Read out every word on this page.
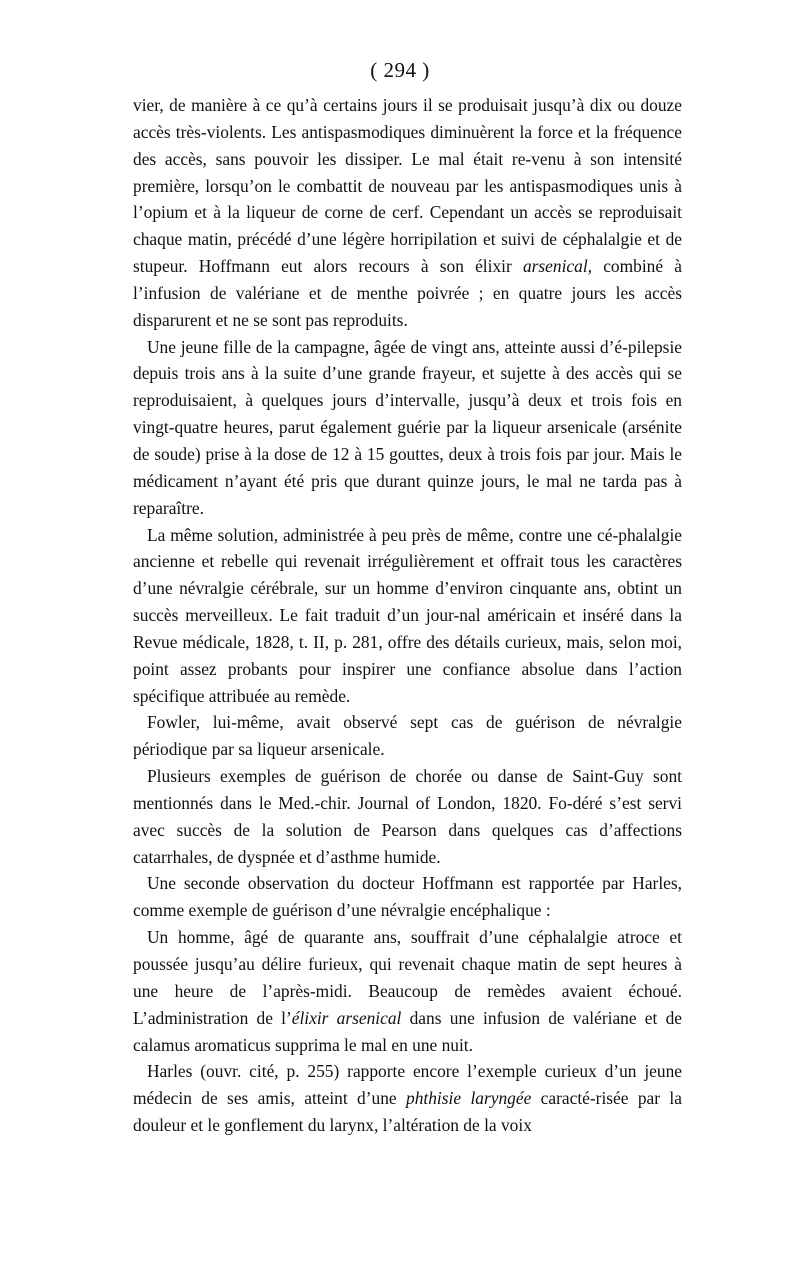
( 294 )

vier, de manière à ce qu’à certains jours il se produisait jusqu’à dix ou douze accès très-violents. Les antispasmodiques diminuèrent la force et la fréquence des accès, sans pouvoir les dissiper. Le mal était re-venu à son intensité première, lorsqu’on le combattit de nouveau par les antispasmodiques unis à l’opium et à la liqueur de corne de cerf. Cependant un accès se reproduisait chaque matin, précédé d’une légère horripilation et suivi de céphalalgie et de stupeur. Hoffmann eut alors recours à son élixir arsenical, combiné à l’infusion de valériane et de menthe poivrée ; en quatre jours les accès disparurent et ne se sont pas reproduits.

Une jeune fille de la campagne, âgée de vingt ans, atteinte aussi d’é-pilepsie depuis trois ans à la suite d’une grande frayeur, et sujette à des accès qui se reproduisaient, à quelques jours d’intervalle, jusqu’à deux et trois fois en vingt-quatre heures, parut également guérie par la liqueur arsenicale (arsénite de soude) prise à la dose de 12 à 15 gouttes, deux à trois fois par jour. Mais le médicament n’ayant été pris que durant quinze jours, le mal ne tarda pas à reparaître.

La même solution, administrée à peu près de même, contre une cé-phalalgie ancienne et rebelle qui revenait irrégulièrement et offrait tous les caractères d’une névralgie cérébrale, sur un homme d’environ cinquante ans, obtint un succès merveilleux. Le fait traduit d’un jour-nal américain et inséré dans la Revue médicale, 1828, t. II, p. 281, offre des détails curieux, mais, selon moi, point assez probants pour inspirer une confiance absolue dans l’action spécifique attribuée au remède.

Fowler, lui-même, avait observé sept cas de guérison de névralgie périodique par sa liqueur arsenicale.

Plusieurs exemples de guérison de chorée ou danse de Saint-Guy sont mentionnés dans le Med.-chir. Journal of London, 1820. Fo-déré s’est servi avec succès de la solution de Pearson dans quelques cas d’affections catarrhales, de dyspnée et d’asthme humide.

Une seconde observation du docteur Hoffmann est rapportée par Harles, comme exemple de guérison d’une névralgie encéphalique :

Un homme, âgé de quarante ans, souffrait d’une céphalalgie atroce et poussée jusqu’au délire furieux, qui revenait chaque matin de sept heures à une heure de l’après-midi. Beaucoup de remèdes avaient échoué. L’administration de l’élixir arsenical dans une infusion de valériane et de calamus aromaticus supprima le mal en une nuit.

Harles (ouvr. cité, p. 255) rapporte encore l’exemple curieux d’un jeune médecin de ses amis, atteint d’une phthisie laryngée caracté-risée par la douleur et le gonflement du larynx, l’altération de la voix
